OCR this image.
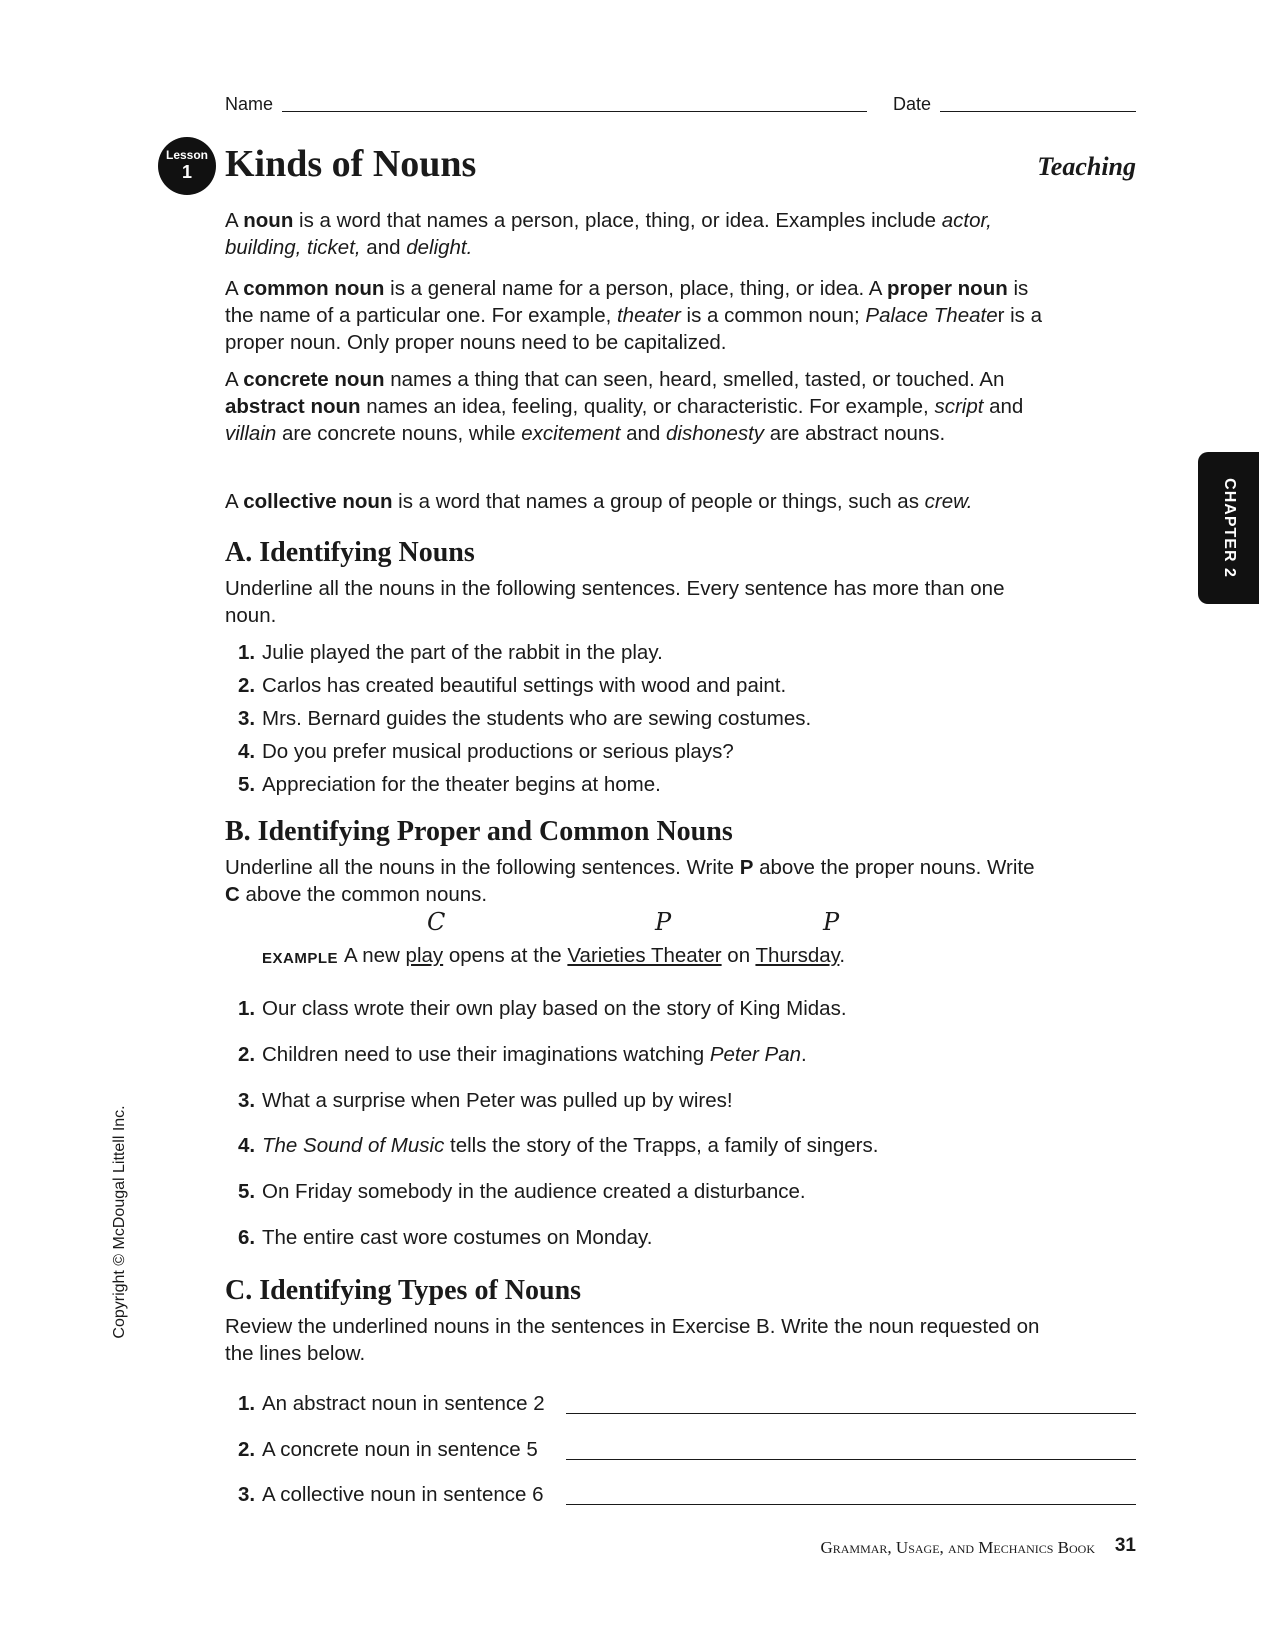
Name	Date
Lesson
1 Kinds of Nouns	Teaching

A noun is a word that names a person, place, thing, or idea. Examples include actor, building, ticket, and delight.

A common noun is a general name for a person, place, thing, or idea. A proper noun is the name of a particular one. For example, theater is a common noun; Palace Theater is a proper noun. Only proper nouns need to be capitalized.

A concrete noun names a thing that can seen, heard, smelled, tasted, or touched. An abstract noun names an idea, feeling, quality, or characteristic. For example, script and villain are concrete nouns, while excitement and dishonesty are abstract nouns.

A collective noun is a word that names a group of people or things, such as crew.

A. Identifying Nouns

Underline all the nouns in the following sentences. Every sentence has more than one noun.

1. Julie played the part of the rabbit in the play.
2. Carlos has created beautiful settings with wood and paint.
3. Mrs. Bernard guides the students who are sewing costumes.
4. Do you prefer musical productions or serious plays?
5. Appreciation for the theater begins at home.
B. Identifying Proper and Common Nouns

Underline all the nouns in the following sentences. Write P above the proper nouns. Write C above the common nouns.

C	P	P
EXAMPLE A new play opens at the Varieties Theater on Thursday.
1. Our class wrote their own play based on the story of King Midas.
2. Children need to use their imaginations watching Peter Pan.
3. What a surprise when Peter was pulled up by wires!
4. The Sound of Music tells the story of the Trapps, a family of singers.
5. On Friday somebody in the audience created a disturbance.
6. The entire cast wore costumes on Monday.
C. Identifying Types of Nouns

Review the underlined nouns in the sentences in Exercise B. Write the noun requested on the lines below.

1. An abstract noun in sentence 2
2. A concrete noun in sentence 5
3. A collective noun in sentence 6
CHAPTER 2
Copyright © McDougal Littell Inc.
Grammar, Usage, and Mechanics Book 31
